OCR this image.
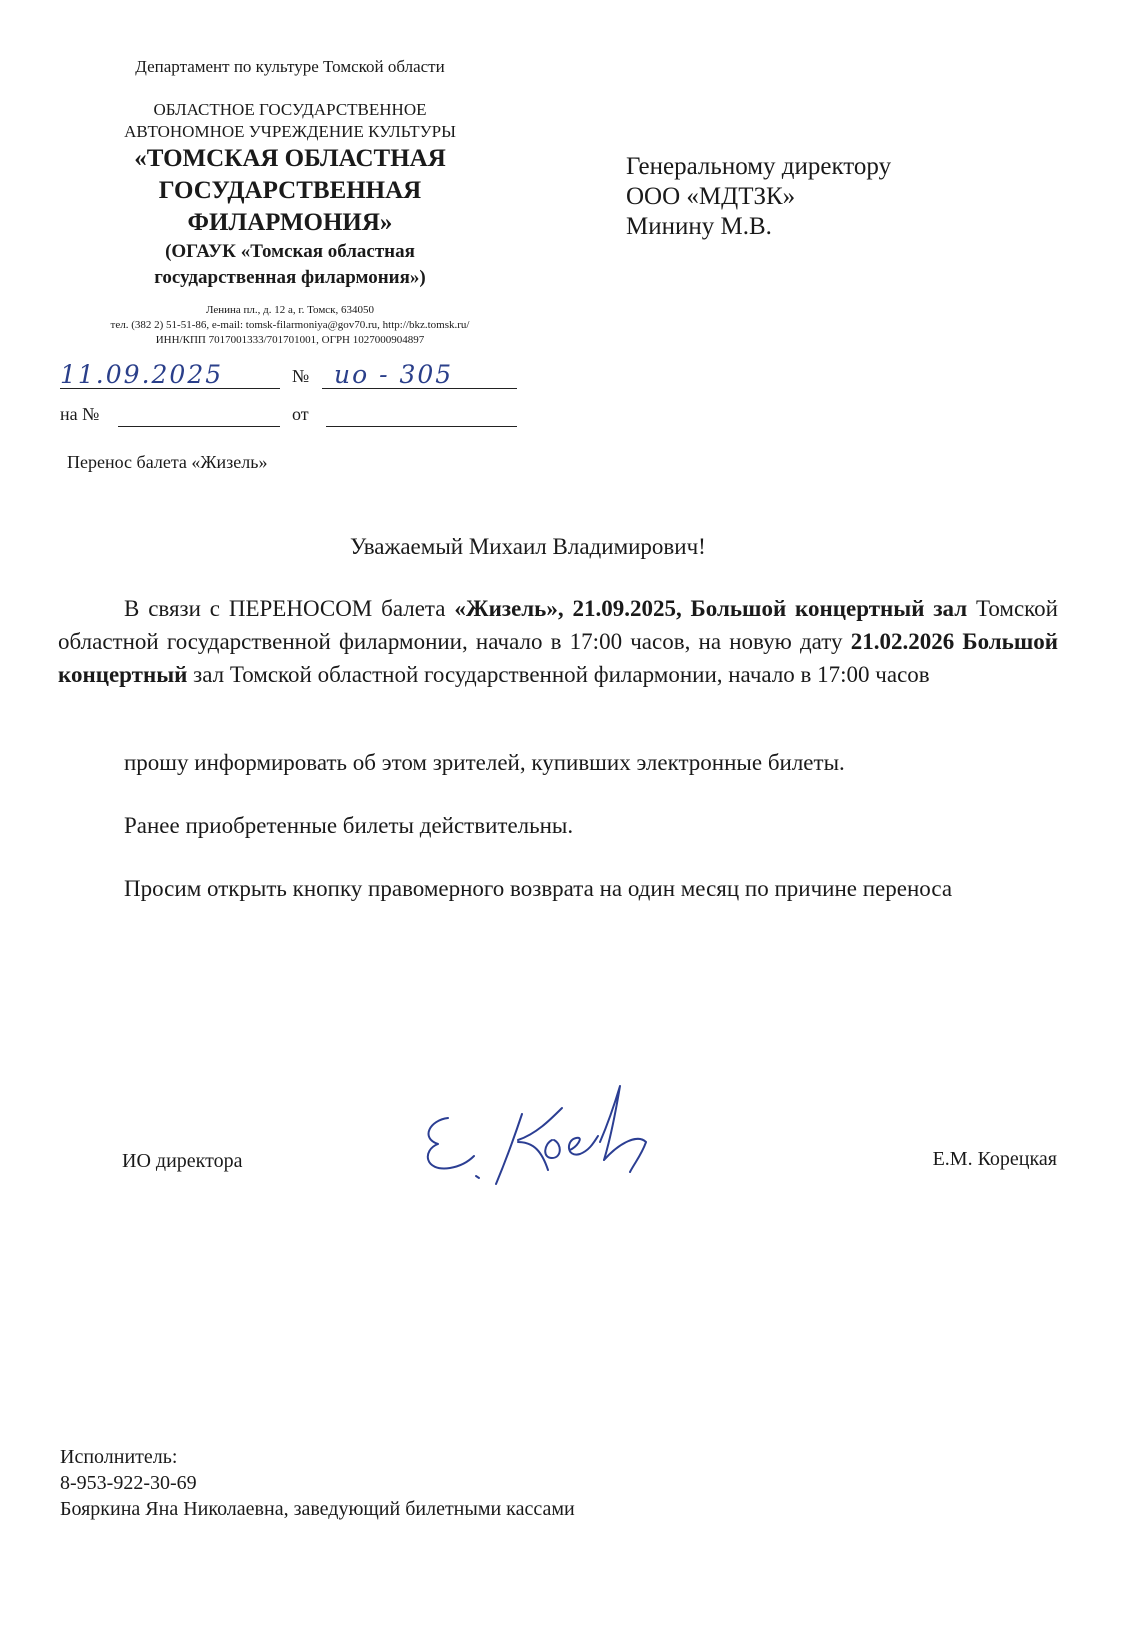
Департамент по культуре Томской области

ОБЛАСТНОЕ ГОСУДАРСТВЕННОЕ

АВТОНОМНОЕ УЧРЕЖДЕНИЕ КУЛЬТУРЫ

«ТОМСКАЯ ОБЛАСТНАЯ

ГОСУДАРСТВЕННАЯ

ФИЛАРМОНИЯ»

(ОГАУК «Томская областная

государственная филармония»)

Ленина пл., д. 12 а, г. Томск, 634050

тел. (382 2) 51-51-86, e-mail: tomsk-filarmoniya@gov70.ru, http://bkz.tomsk.ru/

ИНН/КПП 7017001333/701701001, ОГРН 1027000904897

11.09.2025	№ ио - 305
на №	от

Перенос балета «Жизель»

Генеральному директору

ООО «МДТЗК»

Минину М.В.

Уважаемый Михаил Владимирович!

В связи с ПЕРЕНОСОМ балета «Жизель», 21.09.2025, Большой концертный зал Томской областной государственной филармонии, начало в 17:00 часов, на новую дату 21.02.2026 Большой концертный зал Томской областной государственной филармонии, начало в 17:00 часов

прошу информировать об этом зрителей, купивших электронные билеты.

Ранее приобретенные билеты действительны.

Просим открыть кнопку правомерного возврата на один месяц по причине переноса

ИО директора	Е.М. Корецкая

Исполнитель:

8-953-922-30-69

Бояркина Яна Николаевна, заведующий билетными кассами
